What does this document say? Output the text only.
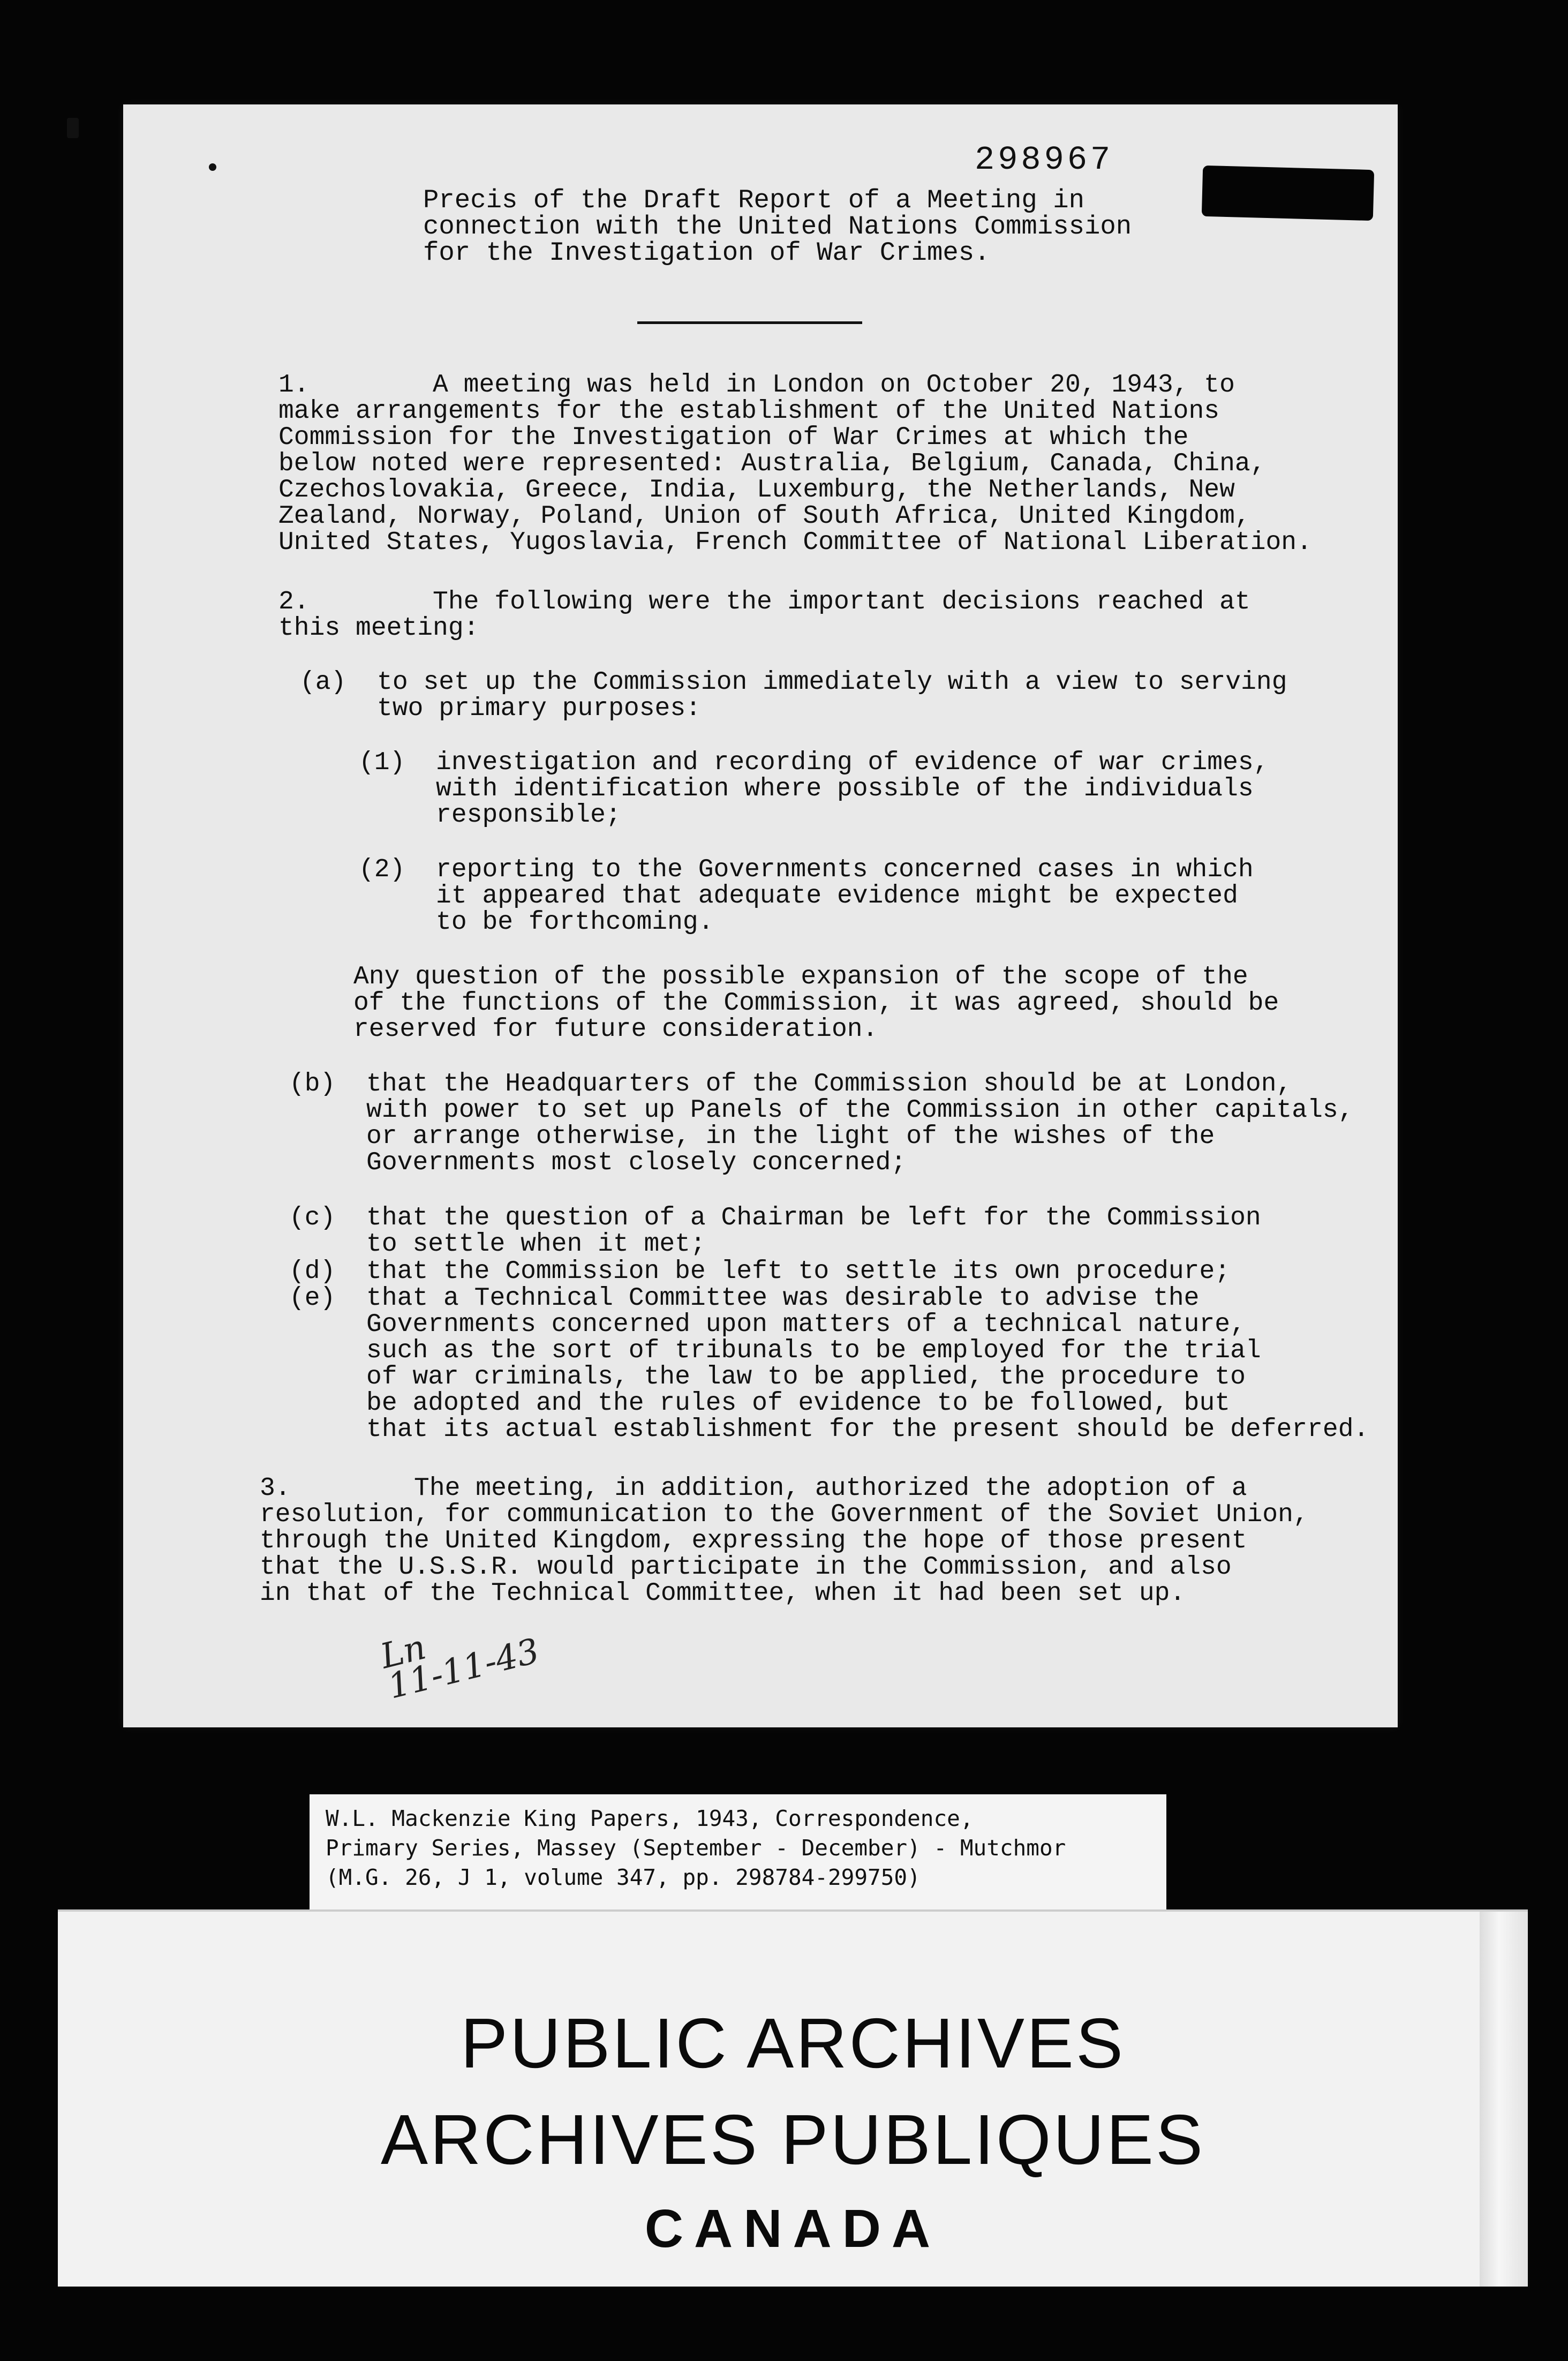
298967
Precis of the Draft Report of a Meeting in
connection with the United Nations Commission
for the Investigation of War Crimes.
1.        A meeting was held in London on October 20, 1943, to
make arrangements for the establishment of the United Nations
Commission for the Investigation of War Crimes at which the
below noted were represented: Australia, Belgium, Canada, China,
Czechoslovakia, Greece, India, Luxemburg, the Netherlands, New
Zealand, Norway, Poland, Union of South Africa, United Kingdom,
United States, Yugoslavia, French Committee of National Liberation.
2.        The following were the important decisions reached at
this meeting:
(a)  to set up the Commission immediately with a view to serving
two primary purposes:
(1)  investigation and recording of evidence of war crimes,
with identification where possible of the individuals
responsible;
(2)  reporting to the Governments concerned cases in which
it appeared that adequate evidence might be expected
to be forthcoming.
Any question of the possible expansion of the scope of the
of the functions of the Commission, it was agreed, should be
reserved for future consideration.
(b)  that the Headquarters of the Commission should be at London,
with power to set up Panels of the Commission in other capitals,
or arrange otherwise, in the light of the wishes of the
Governments most closely concerned;
(c)  that the question of a Chairman be left for the Commission
to settle when it met;
(d)  that the Commission be left to settle its own procedure;
(e)  that a Technical Committee was desirable to advise the
Governments concerned upon matters of a technical nature,
such as the sort of tribunals to be employed for the trial
of war criminals, the law to be applied, the procedure to
be adopted and the rules of evidence to be followed, but
that its actual establishment for the present should be deferred.
3.        The meeting, in addition, authorized the adoption of a
resolution, for communication to the Government of the Soviet Union,
through the United Kingdom, expressing the hope of those present
that the U.S.S.R. would participate in the Commission, and also
in that of the Technical Committee, when it had been set up.
Ln
11-11-43
W.L. Mackenzie King Papers, 1943, Correspondence,
Primary Series, Massey (September - December) - Mutchmor
(M.G. 26, J 1, volume 347, pp. 298784-299750)
PUBLIC ARCHIVES
ARCHIVES PUBLIQUES
CANADA
